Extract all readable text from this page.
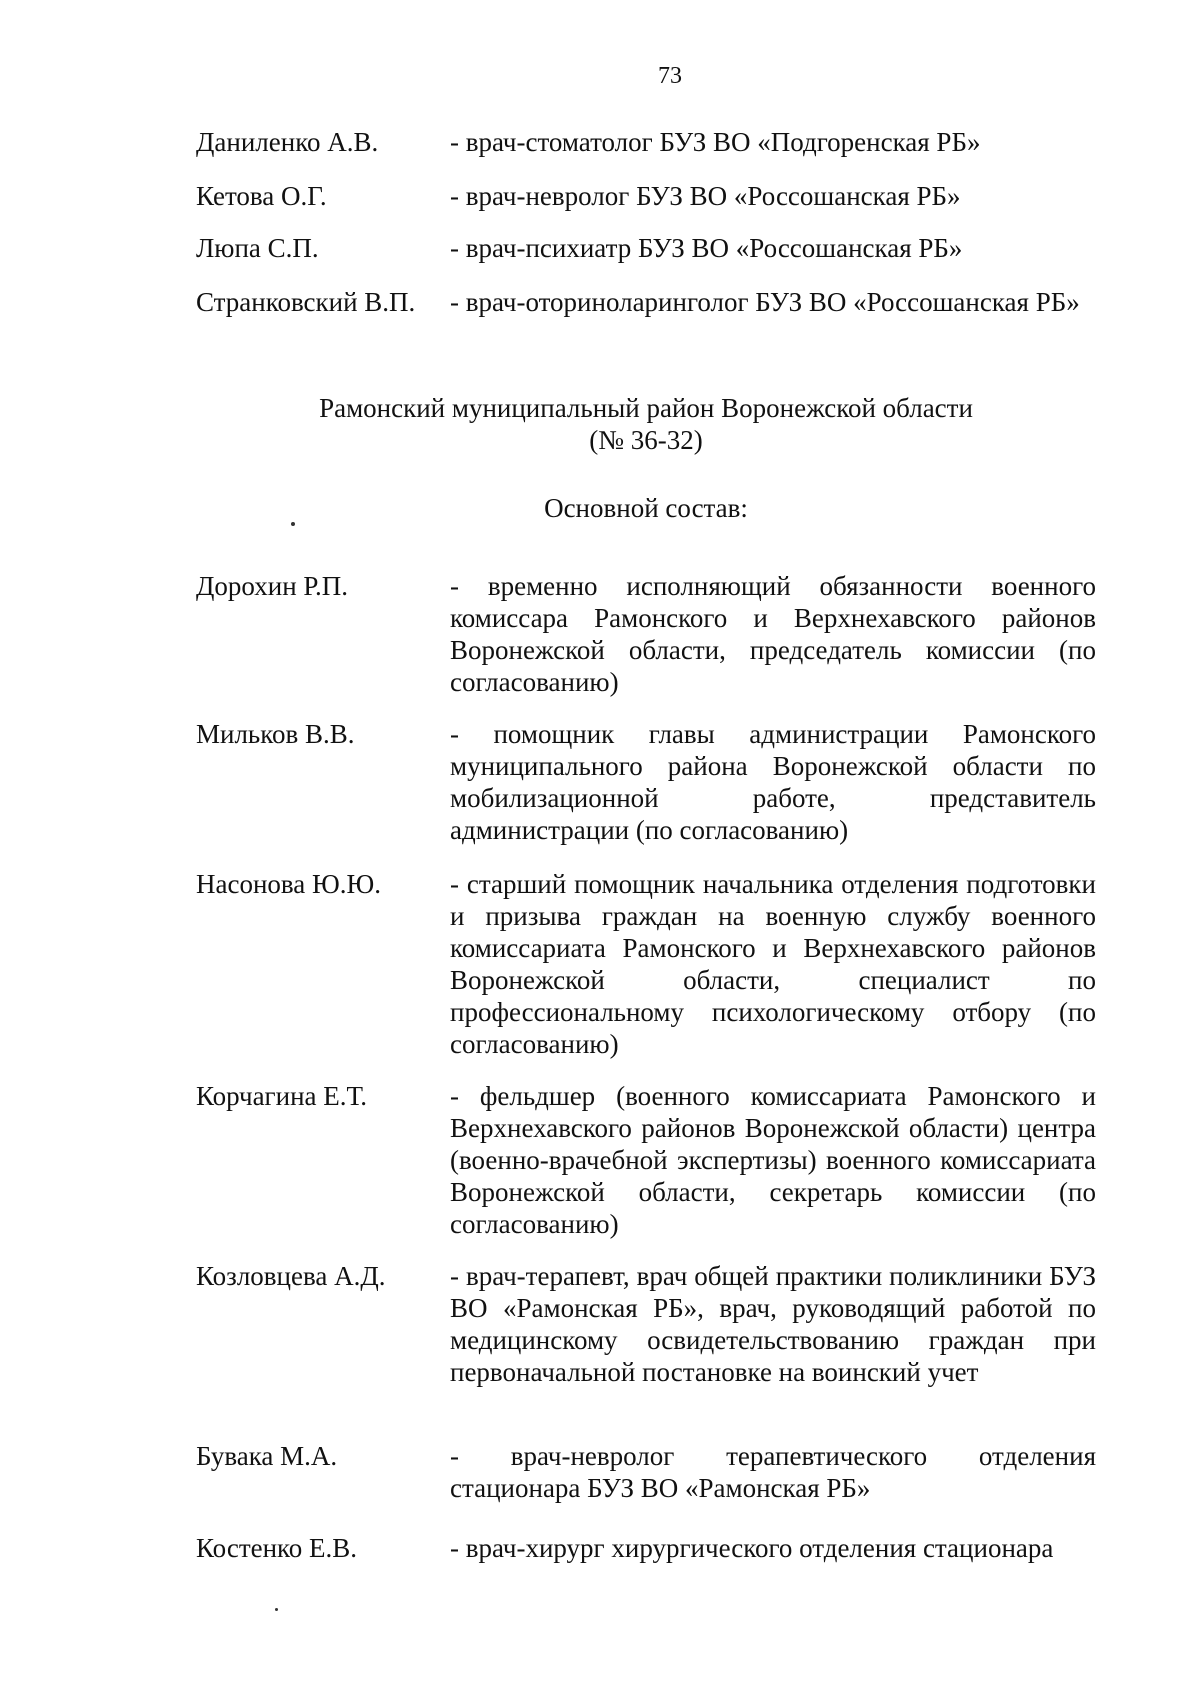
73
Даниленко А.В.	- врач-стоматолог БУЗ ВО «Подгоренская РБ»
Кетова О.Г.	- врач-невролог БУЗ ВО «Россошанская РБ»
Люпа С.П.	- врач-психиатр БУЗ ВО «Россошанская РБ»
Странковский В.П. - врач-оториноларинголог БУЗ ВО «Россошанская РБ»
Рамонский муниципальный район Воронежской области
(№ 36-32)
Основной состав:
Дорохин Р.П.	- временно исполняющий обязанности военного комиссара Рамонского и Верхнехавского районов Воронежской области, председатель комиссии (по согласованию)
Мильков В.В.	- помощник главы администрации Рамонского муниципального района Воронежской области по мобилизационной работе, представитель администрации (по согласованию)
Насонова Ю.Ю.	- старший помощник начальника отделения подготовки и призыва граждан на военную службу военного комиссариата Рамонского и Верхнехавского районов Воронежской области, специалист по профессиональному психологическому отбору (по согласованию)
Корчагина Е.Т.	- фельдшер (военного комиссариата Рамонского и Верхнехавского районов Воронежской области) центра (военно-врачебной экспертизы) военного комиссариата Воронежской области, секретарь комиссии (по согласованию)
Козловцева А.Д. - врач-терапевт, врач общей практики поликлиники БУЗ ВО «Рамонская РБ», врач, руководящий работой по медицинскому освидетельствованию граждан при первоначальной постановке на воинский учет
Бувака М.А.	- врач-невролог терапевтического отделения стационара БУЗ ВО «Рамонская РБ»
Костенко Е.В.	- врач-хирург хирургического отделения стационара
